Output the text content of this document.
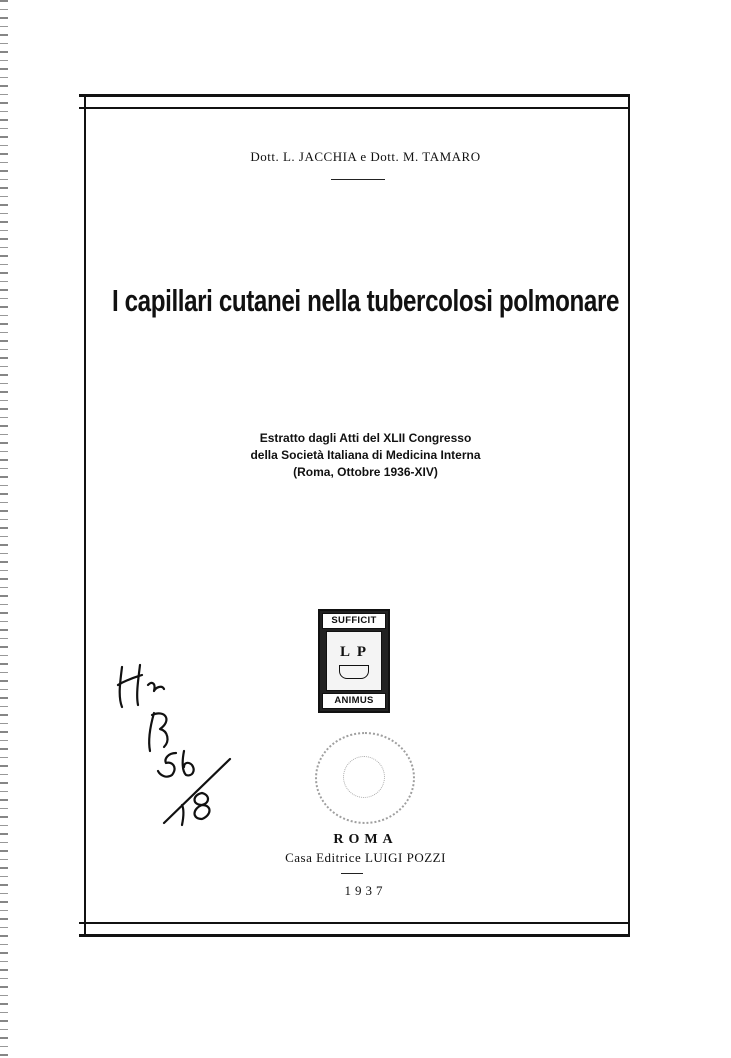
Dott. L. JACCHIA e Dott. M. TAMARO
I capillari cutanei nella tubercolosi polmonare
Estratto dagli Atti del XLII Congresso
della Società Italiana di Medicina Interna
(Roma, Ottobre 1936-XIV)
SUFFICIT
L P
ANIMUS
ROMA
Casa Editrice LUIGI POZZI
1937
